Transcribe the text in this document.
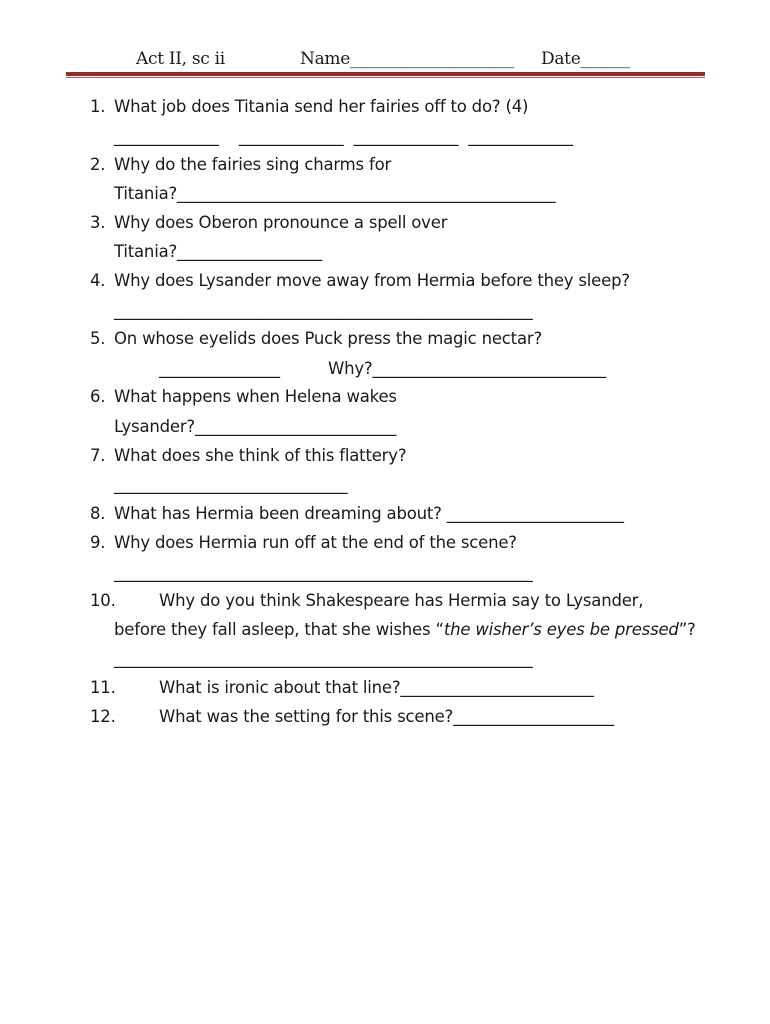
Act II, sc ii	Name____________________ Date______

1.

What job does Titania send her fairies off to do? (4)

_____________    _____________  _____________  _____________

2.

Why do the fairies sing charms for

Titania?_______________________________________________

3.

Why does Oberon pronounce a spell over

Titania?__________________

4.

Why does Lysander move away from Hermia before they sleep?

____________________________________________________

5.

On whose eyelids does Puck press the magic nectar?

_______________

	Why?_____________________________

6.

What happens when Helena wakes

Lysander?_________________________

7.

What does she think of this flattery?

_____________________________

8.

What has Hermia been dreaming about? ______________________

9.

Why does Hermia run off at the end of the scene?

____________________________________________________

10.

	Why do you think Shakespeare has Hermia say to Lysander,

before they fall asleep, that she wishes “the wisher’s eyes be pressed”?

____________________________________________________

11.

	What is ironic about that line?________________________

12.

	What was the setting for this scene?____________________
